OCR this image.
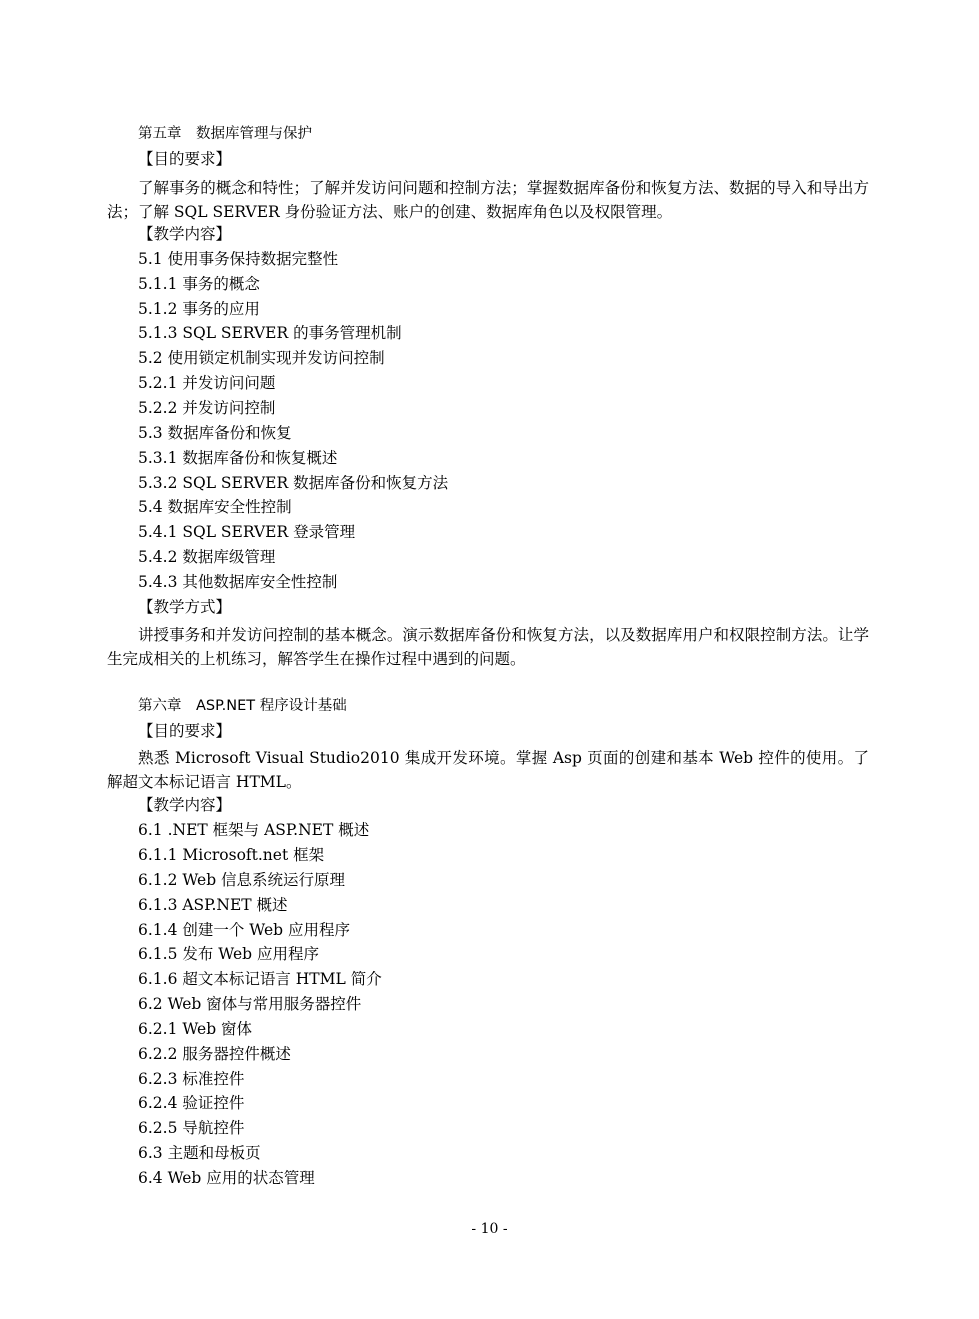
第五章　数据库管理与保护
【目的要求】
了解事务的概念和特性；了解并发访问问题和控制方法；掌握数据库备份和恢复方法、数据的导入和导出方法；了解 SQL SERVER 身份验证方法、账户的创建、数据库角色以及权限管理。
【教学内容】
5.1 使用事务保持数据完整性
5.1.1 事务的概念
5.1.2 事务的应用
5.1.3 SQL SERVER 的事务管理机制
5.2 使用锁定机制实现并发访问控制
5.2.1 并发访问问题
5.2.2 并发访问控制
5.3 数据库备份和恢复
5.3.1 数据库备份和恢复概述
5.3.2 SQL SERVER 数据库备份和恢复方法
5.4 数据库安全性控制
5.4.1 SQL SERVER 登录管理
5.4.2 数据库级管理
5.4.3 其他数据库安全性控制
【教学方式】
讲授事务和并发访问控制的基本概念。演示数据库备份和恢复方法，以及数据库用户和权限控制方法。让学生完成相关的上机练习，解答学生在操作过程中遇到的问题。
第六章　ASP.NET 程序设计基础
【目的要求】
熟悉 Microsoft Visual Studio2010 集成开发环境。掌握 Asp 页面的创建和基本 Web 控件的使用。了解超文本标记语言 HTML。
【教学内容】
6.1 .NET 框架与 ASP.NET 概述
6.1.1 Microsoft.net 框架
6.1.2 Web 信息系统运行原理
6.1.3 ASP.NET 概述
6.1.4 创建一个 Web 应用程序
6.1.5 发布 Web 应用程序
6.1.6 超文本标记语言 HTML 简介
6.2 Web 窗体与常用服务器控件
6.2.1 Web 窗体
6.2.2 服务器控件概述
6.2.3 标准控件
6.2.4 验证控件
6.2.5 导航控件
6.3 主题和母板页
6.4 Web 应用的状态管理
- 10 -
